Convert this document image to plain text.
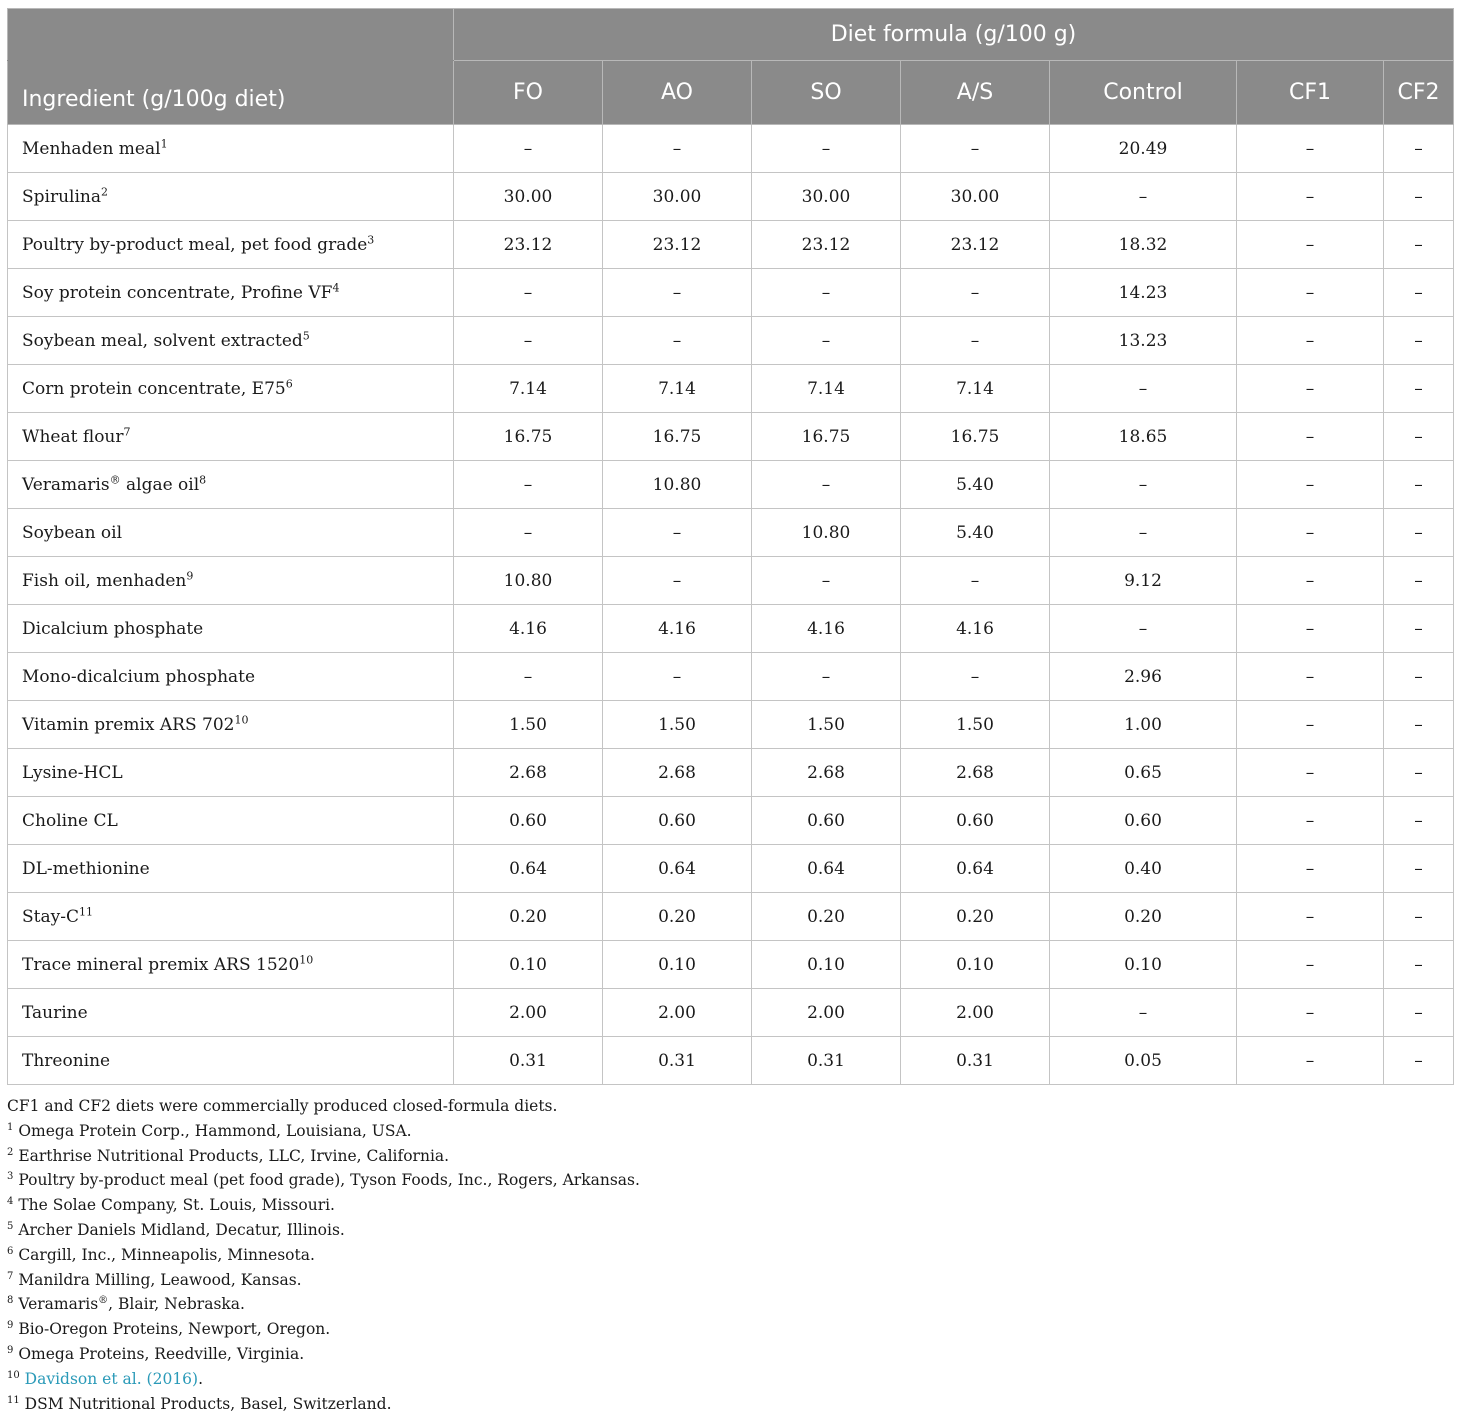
	Diet formula (g/100 g)						
Ingredient (g/100g diet)	FO	AO	SO	A/S	Control	CF1	CF2
Menhaden meal$^1$	–	–	–	–	20.49	–	–
Spirulina$^2$	30.00	30.00	30.00	30.00	–	–	–
Poultry by-product meal, pet food grade$^3$	23.12	23.12	23.12	23.12	18.32	–	–
Soy protein concentrate, Profine $VF^4$	–	–	–	–	14.23	–	–
Soybean meal, solvent extracted$^5$	–	–	–	–	13.23	–	–
Corn protein concentrate, $E75^6$	7.14	7.14	7.14	7.14	–	–	–
Wheat flour$^7$	16.75	16.75	16.75	16.75	18.65	–	–
Veramaris® algae oil$^8$	–	10.80	–	5.40	–	–	–
Soybean oil	–	–	10.80	5.40	–	–	–
Fish oil, menhaden$^9$	10.80	–	–	–	9.12	–	–
Dicalcium phosphate	4.16	4.16	4.16	4.16	–	–	–
Mono-dicalcium phosphate	–	–	–	–	2.96	–	–
Vitamin premix ARS $702^{10}$	1.50	1.50	1.50	1.50	1.00	–	–
Lysine-HCL	2.68	2.68	2.68	2.68	0.65	–	–
Choline CL	0.60	0.60	0.60	0.60	0.60	–	–
DL-methionine	0.64	0.64	0.64	0.64	0.40	–	–
Stay-$C^{11}$	0.20	0.20	0.20	0.20	0.20	–	–
Trace mineral premix ARS 1520$^{10}$	0.10	0.10	0.10	0.10	0.10	–	–
Taurine	2.00	2.00	2.00	2.00	–	–	–
Threonine	0.31	0.31	0.31	0.31	0.05	–	–
CF1 and CF2 diets were commercially produced closed-formula diets.
$^1$ Omega Protein Corp., Hammond, Louisiana, USA.
$^2$ Earthrise Nutritional Products, LLC, Irvine, California.
$^3$ Poultry by-product meal (pet food grade), Tyson Foods, Inc., Rogers, Arkansas.
$^4$ The Solae Company, St. Louis, Missouri.
$^5$ Archer Daniels Midland, Decatur, Illinois.
$^6$ Cargill, Inc., Minneapolis, Minnesota.
$^7$ Manildra Milling, Leawood, Kansas.
$^8$ Veramaris®, Blair, Nebraska.
$^9$ Bio-Oregon Proteins, Newport, Oregon.
$^9$ Omega Proteins, Reedville, Virginia.
$^{10}$ Davidson et al. (2016).
$^{11}$ DSM Nutritional Products, Basel, Switzerland.
